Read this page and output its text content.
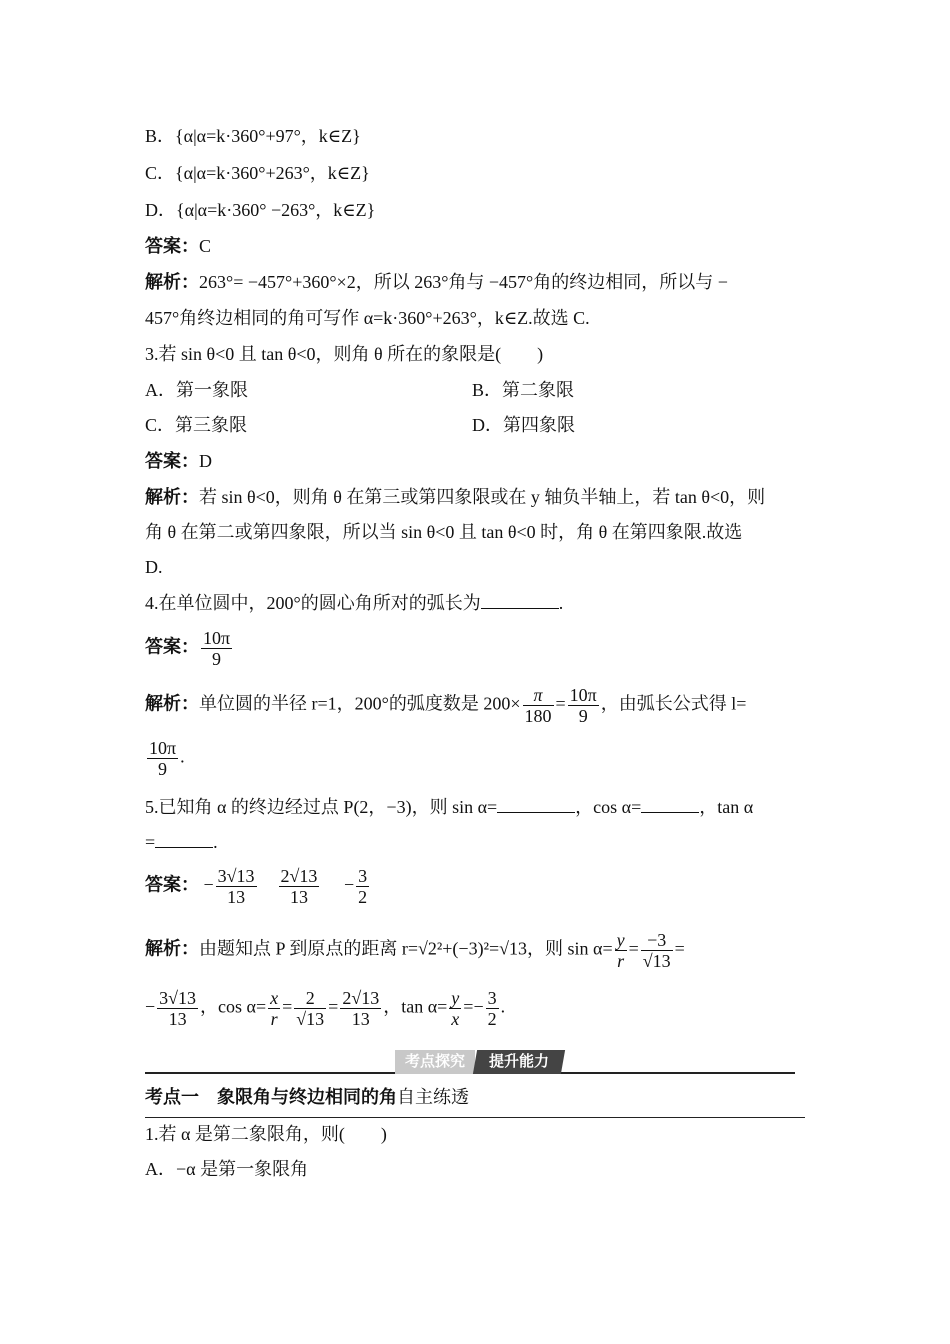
B．{α|α=k·360°+97°，k∈Z}
C．{α|α=k·360°+263°，k∈Z}
D．{α|α=k·360° −263°，k∈Z}
答案：C
解析：263°= −457°+360°×2，所以 263°角与 −457°角的终边相同，所以与 −
457°角终边相同的角可写作 α=k·360°+263°，k∈Z.故选 C.
3.若 sin θ<0 且 tan θ<0，则角 θ 所在的象限是(　　)
A．第一象限	B．第二象限
C．第三象限	D．第四象限
答案：D
解析：若 sin θ<0，则角 θ 在第三或第四象限或在 y 轴负半轴上，若 tan θ<0，则
角 θ 在第二或第四象限，所以当 sin θ<0 且 tan θ<0 时，角 θ 在第四象限.故选
D.
4.在单位圆中，200°的圆心角所对的弧长为	.
答案： $\frac{10\pi}{9}$
解析：单位圆的半径 r=1，200°的弧度数是 $200\times \frac{\pi}{180} = \frac{10\pi}{9}$ ，由弧长公式得 l=
$\frac{10\pi}{9}$ .
5.已知角 α 的终边经过点 P(2，−3)，则 sin α=	，cos α=	，tan α
=	.
答案： − $\frac{3√13}{13}$
$\frac{2√13}{13} - \frac{3}{2}$
解析：由题知点 P 到原点的距离 r=√2²+(−3)²=√13，则 $\sin \alpha= \frac{y}{r} = \frac{-3}{√13}$ =
− $\frac{3√13}{13}$ ，$\cos \alpha= \frac{x}{r} = \frac{2}{√13} = \frac{2√13}{13}$ ，$\tan \alpha= \frac{y}{x} =- \frac{3}{2}$ .
考点探究	提升能力
考点一　象限角与终边相同的角自主练透
1.若 α 是第二象限角，则(　　)
A．−α 是第一象限角
